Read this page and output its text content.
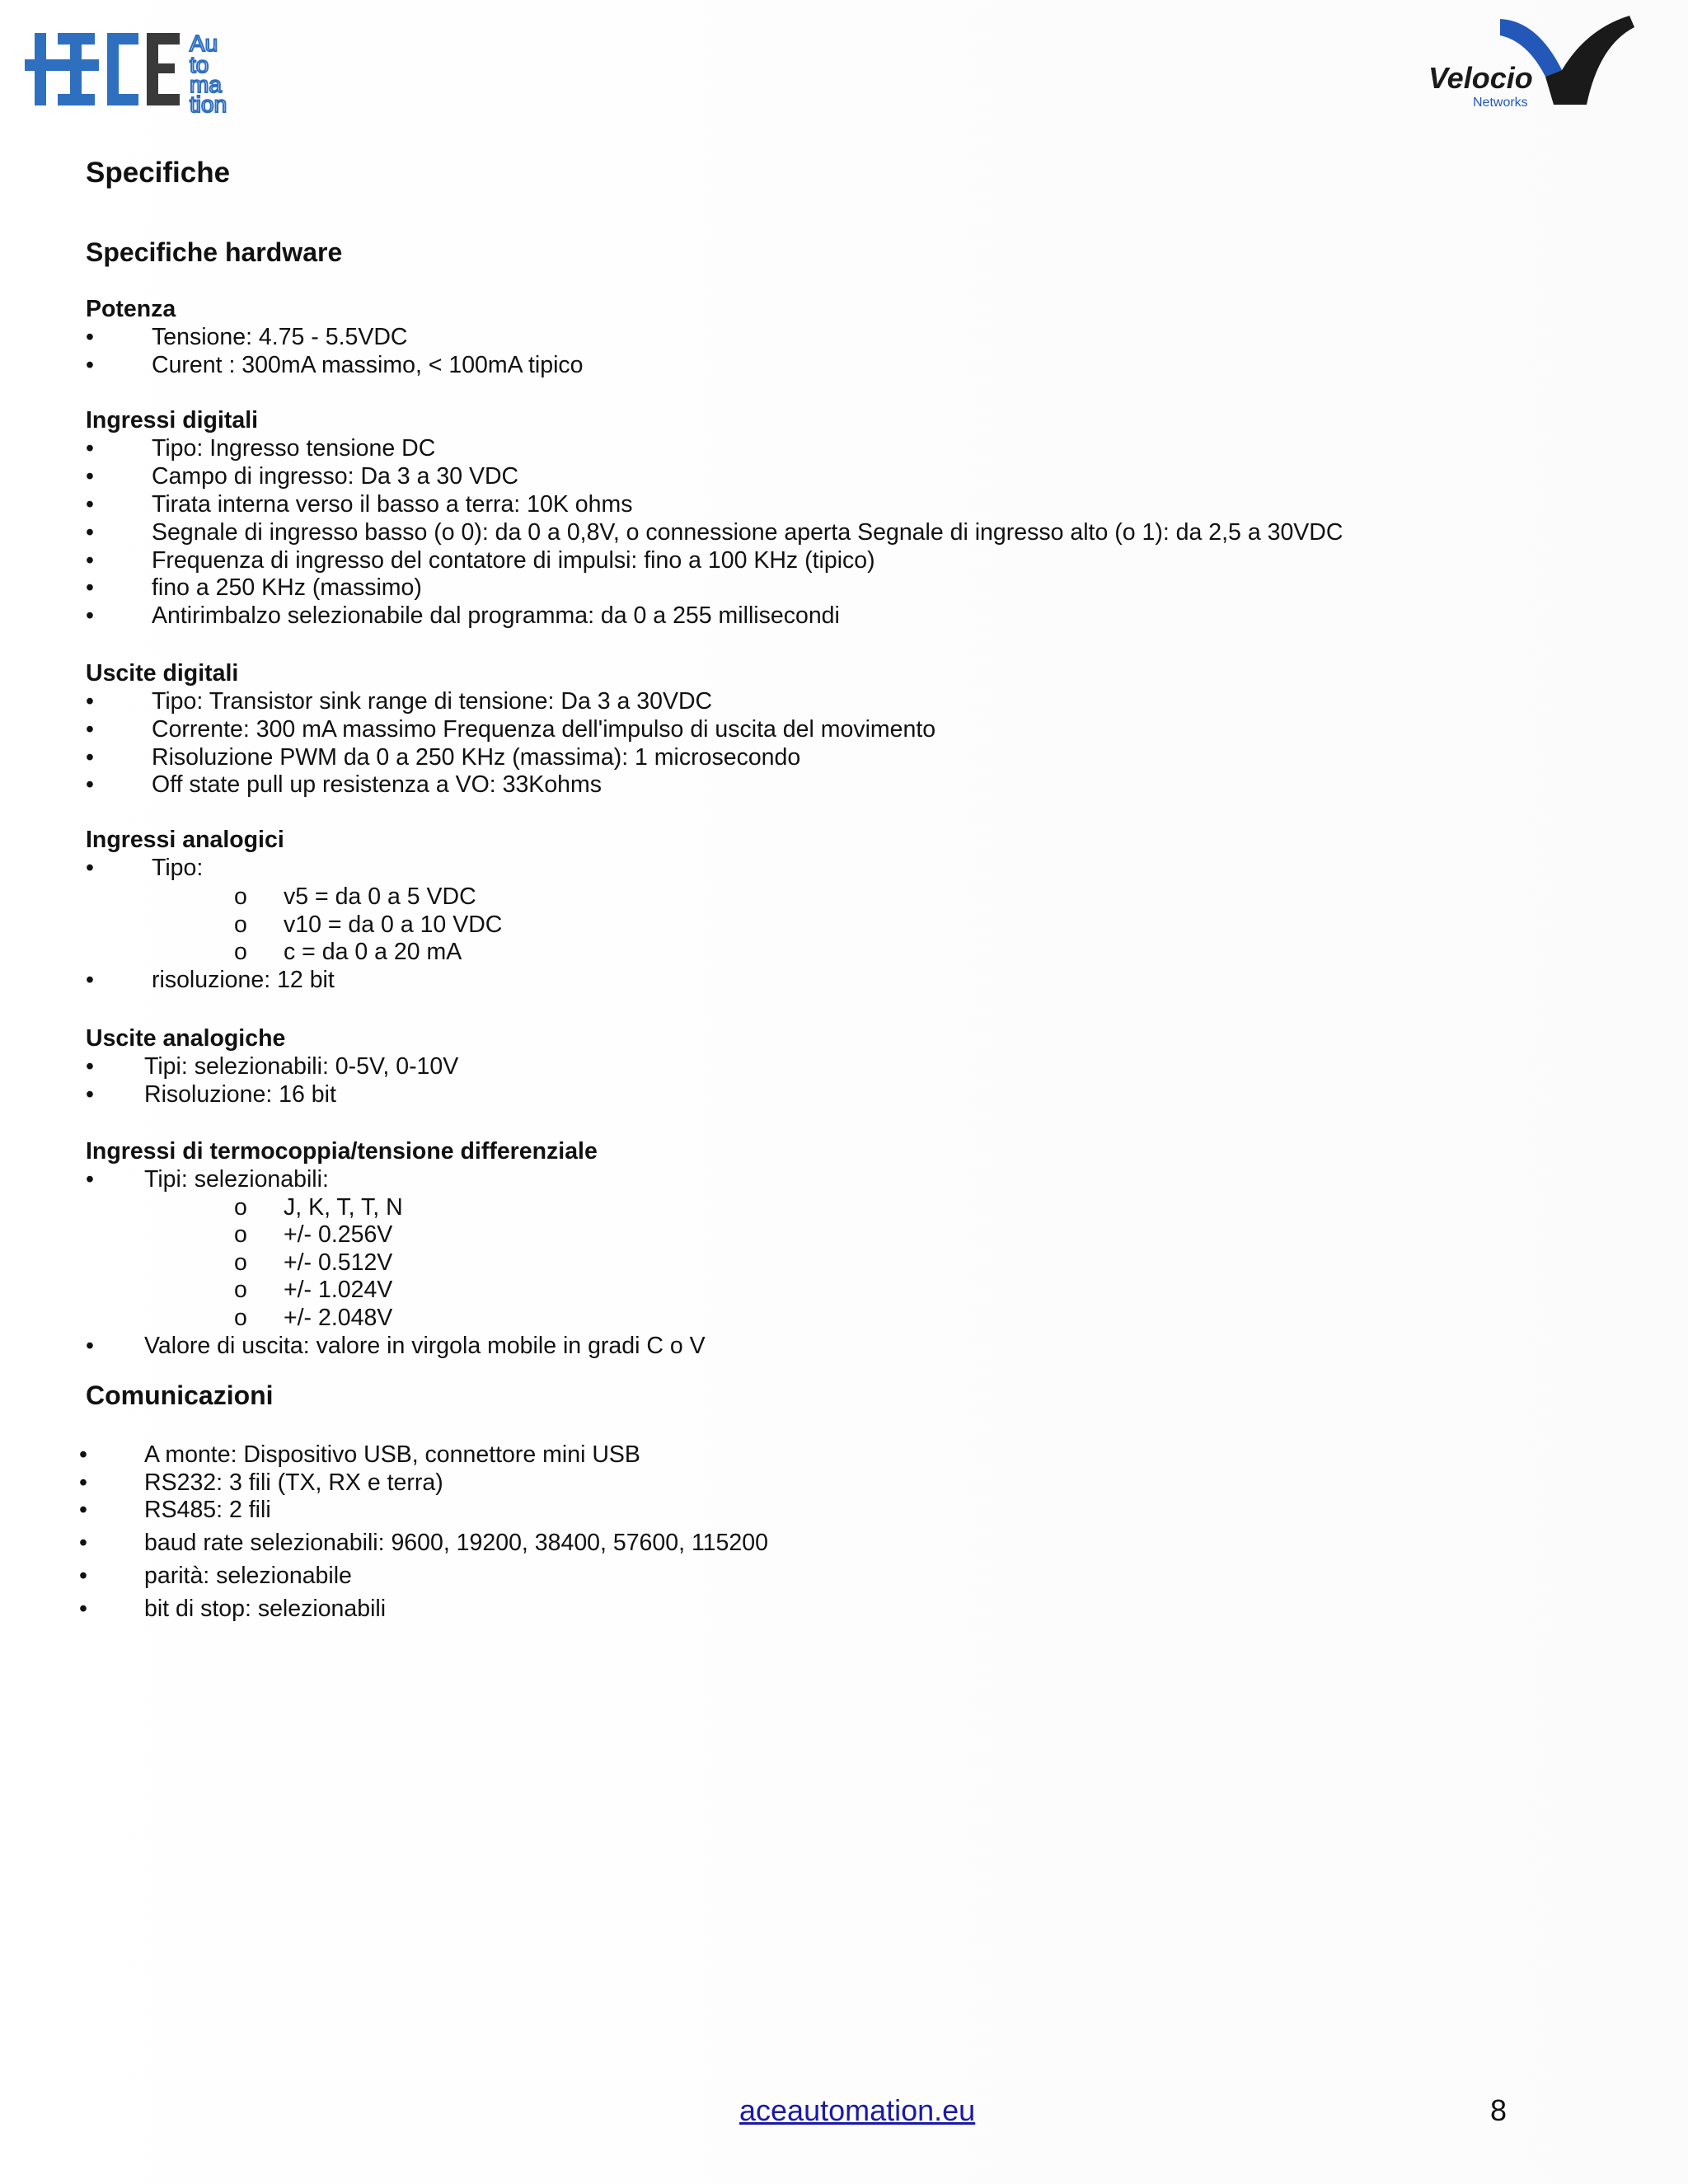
Au
to
ma
tion
Velocio
Networks
Specifiche
Specifiche hardware
Potenza
• Tensione: 4.75 - 5.5VDC
• Curent : 300mA massimo, < 100mA tipico
Ingressi digitali
• Tipo: Ingresso tensione DC
• Campo di ingresso: Da 3 a 30 VDC
• Tirata interna verso il basso a terra: 10K ohms
• Segnale di ingresso basso (o 0): da 0 a 0,8V, o connessione aperta Segnale di ingresso alto (o 1): da 2,5 a 30VDC
• Frequenza di ingresso del contatore di impulsi: fino a 100 KHz (tipico)
• fino a 250 KHz (massimo)
• Antirimbalzo selezionabile dal programma: da 0 a 255 millisecondi
Uscite digitali
• Tipo: Transistor sink range di tensione: Da 3 a 30VDC
• Corrente: 300 mA massimo Frequenza dell'impulso di uscita del movimento
• Risoluzione PWM da 0 a 250 KHz (massima): 1 microsecondo
• Off state pull up resistenza a VO: 33Kohms
Ingressi analogici
• Tipo:
o v5 = da 0 a 5 VDC
o v10 = da 0 a 10 VDC
o c = da 0 a 20 mA
• risoluzione: 12 bit
Uscite analogiche
• Tipi: selezionabili: 0-5V, 0-10V
• Risoluzione: 16 bit
Ingressi di termocoppia/tensione differenziale
• Tipi: selezionabili:
o J, K, T, T, N
o +/- 0.256V
o +/- 0.512V
o +/- 1.024V
o +/- 2.048V
• Valore di uscita: valore in virgola mobile in gradi C o V
Comunicazioni
• A monte: Dispositivo USB, connettore mini USB
• RS232: 3 fili (TX, RX e terra)
• RS485: 2 fili
• baud rate selezionabili: 9600, 19200, 38400, 57600, 115200
• parità: selezionabile
• bit di stop: selezionabili
aceautomation.eu	8
